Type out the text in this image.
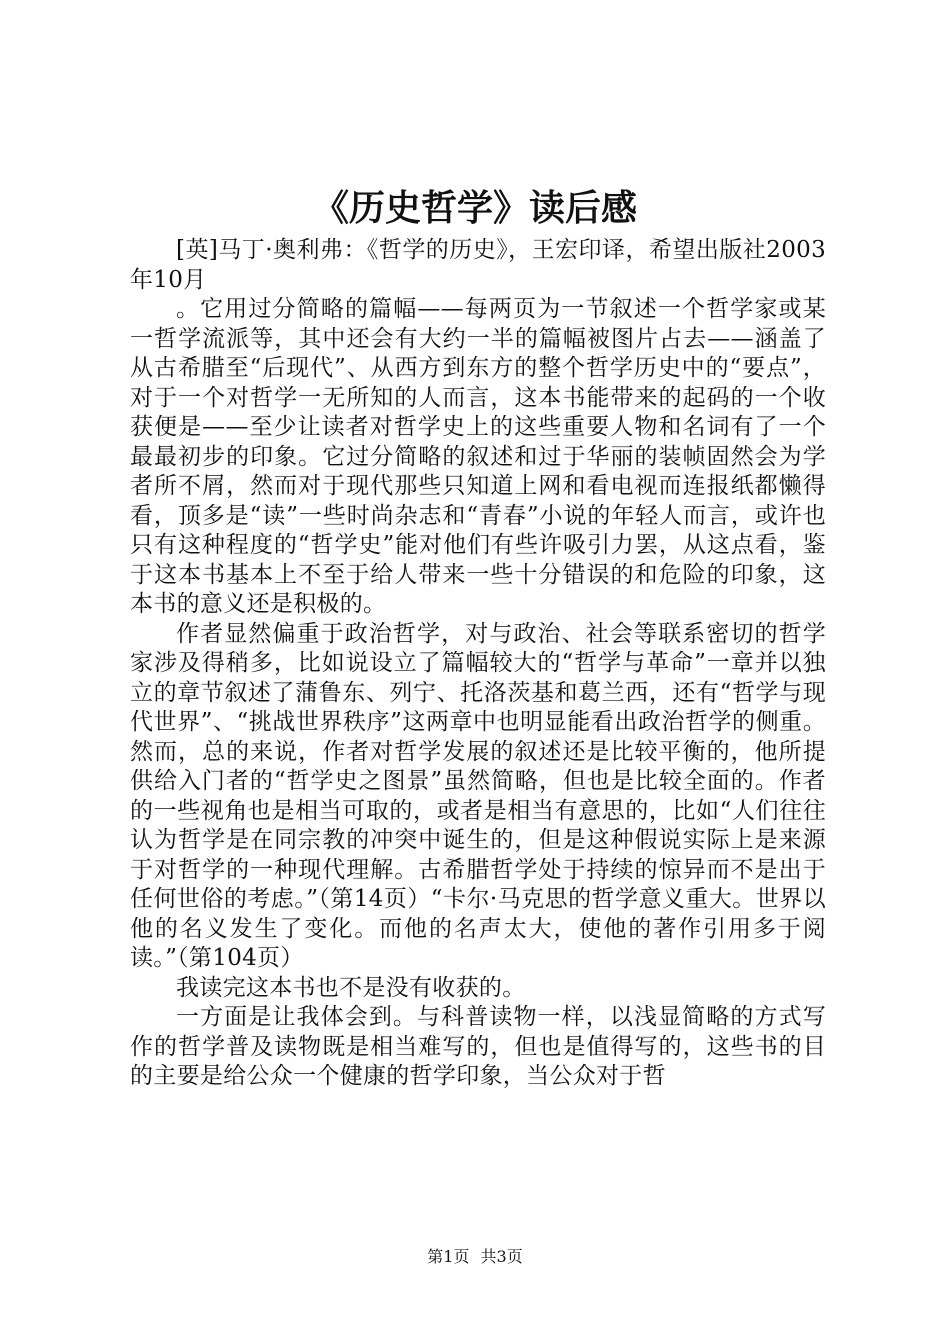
《历史哲学》读后感

[英]马丁·奥利弗：《哲学的历史》，王宏印译，希望出版社2003年10月

。它用过分简略的篇幅——每两页为一节叙述一个哲学家或某一哲学流派等，其中还会有大约一半的篇幅被图片占去——涵盖了从古希腊至“后现代”、从西方到东方的整个哲学历史中的“要点”，对于一个对哲学一无所知的人而言，这本书能带来的起码的一个收获便是——至少让读者对哲学史上的这些重要人物和名词有了一个最最初步的印象。它过分简略的叙述和过于华丽的装帧固然会为学者所不屑，然而对于现代那些只知道上网和看电视而连报纸都懒得看，顶多是“读”一些时尚杂志和“青春”小说的年轻人而言，或许也只有这种程度的“哲学史”能对他们有些许吸引力罢，从这点看，鉴于这本书基本上不至于给人带来一些十分错误的和危险的印象，这本书的意义还是积极的。

作者显然偏重于政治哲学，对与政治、社会等联系密切的哲学家涉及得稍多，比如说设立了篇幅较大的“哲学与革命”一章并以独立的章节叙述了蒲鲁东、列宁、托洛茨基和葛兰西，还有“哲学与现代世界”、“挑战世界秩序”这两章中也明显能看出政治哲学的侧重。然而，总的来说，作者对哲学发展的叙述还是比较平衡的，他所提供给入门者的“哲学史之图景”虽然简略，但也是比较全面的。作者的一些视角也是相当可取的，或者是相当有意思的，比如“人们往往认为哲学是在同宗教的冲突中诞生的，但是这种假说实际上是来源于对哲学的一种现代理解。古希腊哲学处于持续的惊异而不是出于任何世俗的考虑。”（第14页）“卡尔·马克思的哲学意义重大。世界以他的名义发生了变化。而他的名声太大，使他的著作引用多于阅读。”（第104页）

我读完这本书也不是没有收获的。

一方面是让我体会到。与科普读物一样，以浅显简略的方式写作的哲学普及读物既是相当难写的，但也是值得写的，这些书的目的主要是给公众一个健康的哲学印象，当公众对于哲

第1页 共3页
